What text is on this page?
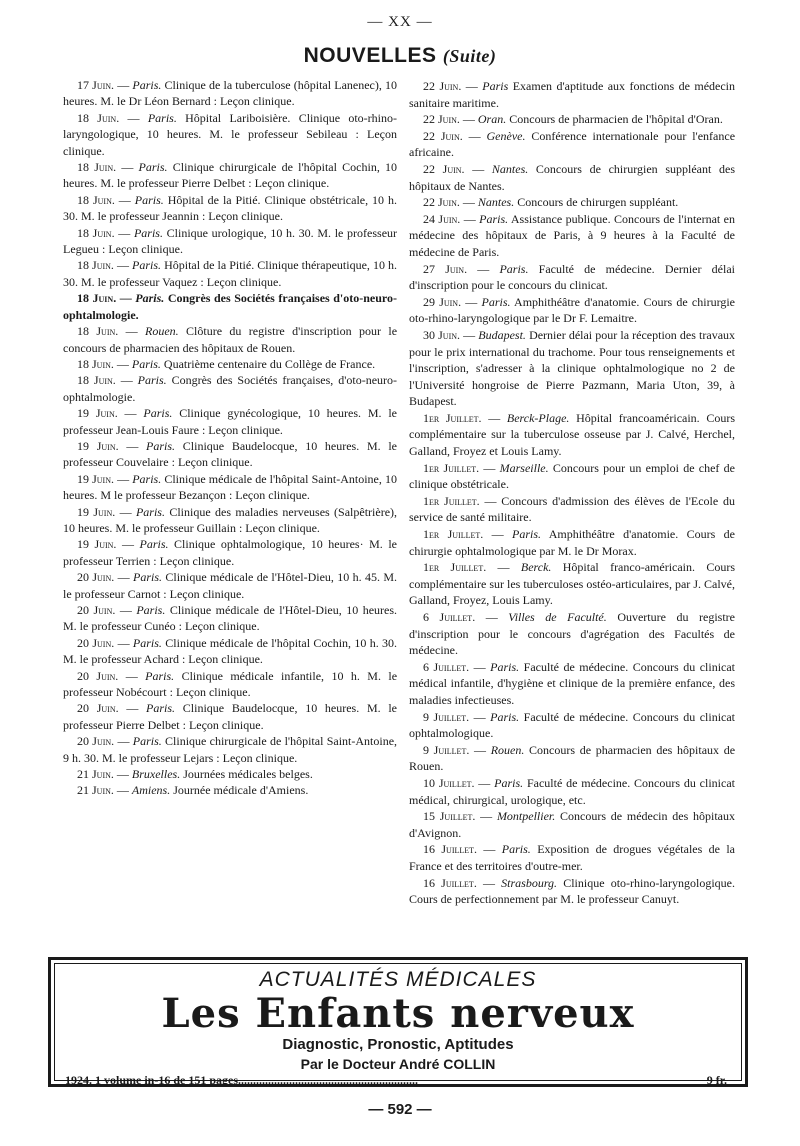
— XX —
NOUVELLES (Suite)

17 Juin. — Paris. Clinique de la tuberculose (hôpital Lanenec), 10 heures. M. le Dr Léon Bernard : Leçon clinique.

18 Juin. — Paris. Hôpital Lariboisière. Clinique oto-rhino-laryngologique, 10 heures. M. le professeur Sebileau : Leçon clinique.

18 Juin. — Paris. Clinique chirurgicale de l'hôpital Cochin, 10 heures. M. le professeur Pierre Delbet : Leçon clinique.

18 Juin. — Paris. Hôpital de la Pitié. Clinique obstétricale, 10 h. 30. M. le professeur Jeannin : Leçon clinique.

18 Juin. — Paris. Clinique urologique, 10 h. 30. M. le professeur Legueu : Leçon clinique.

18 Juin. — Paris. Hôpital de la Pitié. Clinique thérapeutique, 10 h. 30. M. le professeur Vaquez : Leçon clinique.

18 Juin. — Paris. Congrès des Sociétés françaises d'oto-neuro-ophtalmologie.

18 Juin. — Rouen. Clôture du registre d'inscription pour le concours de pharmacien des hôpitaux de Rouen.

18 Juin. — Paris. Quatrième centenaire du Collège de France.

18 Juin. — Paris. Congrès des Sociétés françaises, d'oto-neuro-ophtalmologie.

19 Juin. — Paris. Clinique gynécologique, 10 heures. M. le professeur Jean-Louis Faure : Leçon clinique.

19 Juin. — Paris. Clinique Baudelocque, 10 heures. M. le professeur Couvelaire : Leçon clinique.

19 Juin. — Paris. Clinique médicale de l'hôpital Saint-Antoine, 10 heures. M le professeur Bezançon : Leçon clinique.

19 Juin. — Paris. Clinique des maladies nerveuses (Salpêtrière), 10 heures. M. le professeur Guillain : Leçon clinique.

19 Juin. — Paris. Clinique ophtalmologique, 10 heures· M. le professeur Terrien : Leçon clinique.

20 Juin. — Paris. Clinique médicale de l'Hôtel-Dieu, 10 h. 45. M. le professeur Carnot : Leçon clinique.

20 Juin. — Paris. Clinique médicale de l'Hôtel-Dieu, 10 heures. M. le professeur Cunéo : Leçon clinique.

20 Juin. — Paris. Clinique médicale de l'hôpital Cochin, 10 h. 30. M. le professeur Achard : Leçon clinique.

20 Juin. — Paris. Clinique médicale infantile, 10 h. M. le professeur Nobécourt : Leçon clinique.

20 Juin. — Paris. Clinique Baudelocque, 10 heures. M. le professeur Pierre Delbet : Leçon clinique.

20 Juin. — Paris. Clinique chirurgicale de l'hôpital Saint-Antoine, 9 h. 30. M. le professeur Lejars : Leçon clinique.

21 Juin. — Bruxelles. Journées médicales belges.

21 Juin. — Amiens. Journée médicale d'Amiens.

22 Juin. — Paris Examen d'aptitude aux fonctions de médecin sanitaire maritime.

22 Juin. — Oran. Concours de pharmacien de l'hôpital d'Oran.

22 Juin. — Genève. Conférence internationale pour l'enfance africaine.

22 Juin. — Nantes. Concours de chirurgien suppléant des hôpitaux de Nantes.

22 Juin. — Nantes. Concours de chirurgen suppléant.

24 Juin. — Paris. Assistance publique. Concours de l'internat en médecine des hôpitaux de Paris, à 9 heures à la Faculté de médecine de Paris.

27 Juin. — Paris. Faculté de médecine. Dernier délai d'inscription pour le concours du clinicat.

29 Juin. — Paris. Amphithéâtre d'anatomie. Cours de chirurgie oto-rhino-laryngologique par le Dr F. Lemaitre.

30 Juin. — Budapest. Dernier délai pour la réception des travaux pour le prix international du trachome. Pour tous renseignements et l'inscription, s'adresser à la clinique ophtalmologique no 2 de l'Université hongroise de Pierre Pazmann, Maria Uton, 39, à Budapest.

1er Juillet. — Berck-Plage. Hôpital francoaméricain. Cours complémentaire sur la tuberculose osseuse par J. Calvé, Herchel, Galland, Froyez et Louis Lamy.

1er Juillet. — Marseille. Concours pour un emploi de chef de clinique obstétricale.

1er Juillet. — Concours d'admission des élèves de l'Ecole du service de santé militaire.

1er Juillet. — Paris. Amphithéâtre d'anatomie. Cours de chirurgie ophtalmologique par M. le Dr Morax.

1er Juillet. — Berck. Hôpital franco-américain. Cours complémentaire sur les tuberculoses ostéo-articulaires, par J. Calvé, Galland, Froyez, Louis Lamy.

6 Juillet. — Villes de Faculté. Ouverture du registre d'inscription pour le concours d'agrégation des Facultés de médecine.

6 Juillet. — Paris. Faculté de médecine. Concours du clinicat médical infantile, d'hygiène et clinique de la première enfance, des maladies infectieuses.

9 Juillet. — Paris. Faculté de médecine. Concours du clinicat ophtalmologique.

9 Juillet. — Rouen. Concours de pharmacien des hôpitaux de Rouen.

10 Juillet. — Paris. Faculté de médecine. Concours du clinicat médical, chirurgical, urologique, etc.

15 Juillet. — Montpellier. Concours de médecin des hôpitaux d'Avignon.

16 Juillet. — Paris. Exposition de drogues végétales de la France et des territoires d'outre-mer.

16 Juillet. — Strasbourg. Clinique oto-rhino-laryngologique. Cours de perfectionnement par M. le professeur Canuyt.

ACTUALITÉS MÉDICALES
Les Enfants nerveux
Diagnostic, Pronostic, Aptitudes
Par le Docteur André COLLIN
1924. 1 volume in-16 de 151 pages............................................................	9 fr.
— 592 —
